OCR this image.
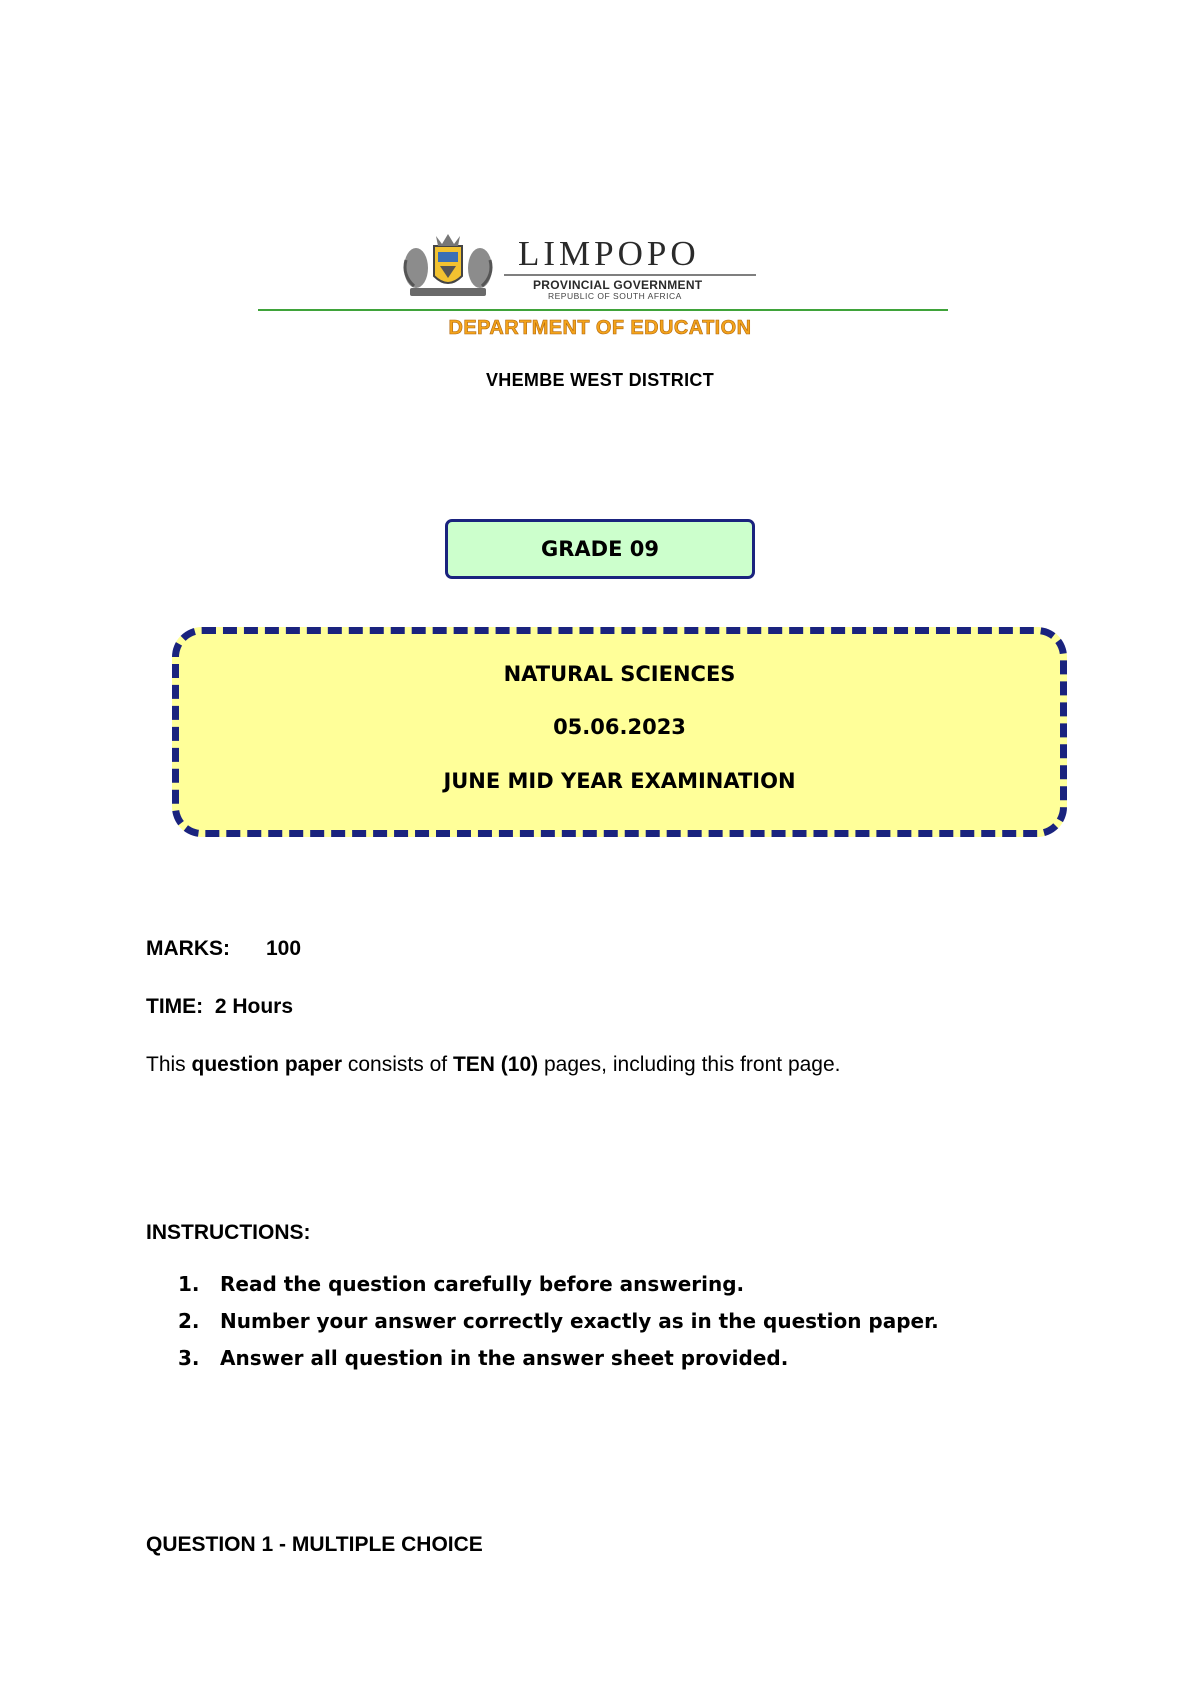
LIMPOPO
PROVINCIAL GOVERNMENT
REPUBLIC OF SOUTH AFRICA
DEPARTMENT OF EDUCATION
VHEMBE WEST DISTRICT
GRADE 09
NATURAL SCIENCES
05.06.2023
JUNE MID YEAR EXAMINATION
MARKS: 100
TIME: 2 Hours
This question paper consists of TEN (10) pages, including this front page.
INSTRUCTIONS:
1.	Read the question carefully before answering.
2.	Number your answer correctly exactly as in the question paper.
3.	Answer all question in the answer sheet provided.
QUESTION 1 - MULTIPLE CHOICE
